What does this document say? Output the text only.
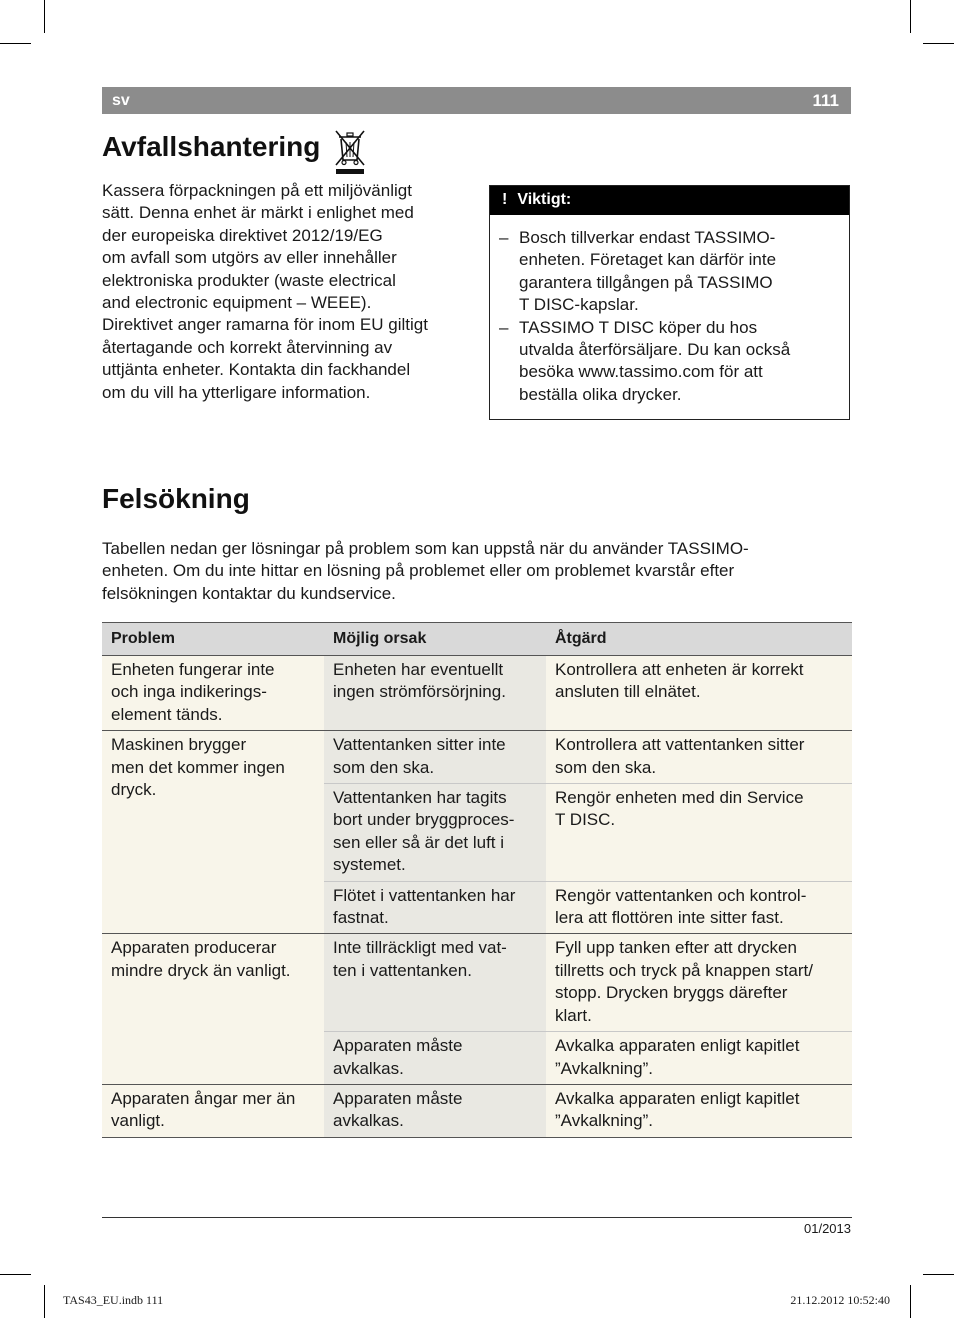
sv	111
Avfallshantering

Kassera förpackningen på ett miljövänligt
sätt. Denna enhet är märkt i enlighet med
der europeiska direktivet 2012/19/EG
om avfall som utgörs av eller innehåller
elektroniska produkter (waste electrical
and electronic equipment – WEEE).
Direktivet anger ramarna för inom EU giltigt
återtagande och korrekt återvinning av
uttjänta enheter. Kontakta din fackhandel
om du vill ha ytterligare information.

! Viktigt:
– Bosch tillverkar endast TASSIMO-
enheten. Företaget kan därför inte
garantera tillgången på TASSIMO
T DISC-kapslar.
– TASSIMO T DISC köper du hos
utvalda återförsäljare. Du kan också
besöka www.tassimo.com för att
beställa olika drycker.
Felsökning

Tabellen nedan ger lösningar på problem som kan uppstå när du använder TASSIMO-
enheten. Om du inte hittar en lösning på problemet eller om problemet kvarstår efter
felsökningen kontaktar du kundservice.

Problem	Möjlig orsak	Åtgärd
Enheten fungerar inte
och inga indikerings-
element tänds.	Enheten har eventuellt
ingen strömförsörjning.	Kontrollera att enheten är korrekt
ansluten till elnätet.
Maskinen brygger
men det kommer ingen
dryck.	Vattentanken sitter inte
som den ska.	Kontrollera att vattentanken sitter
som den ska.
	Vattentanken har tagits
bort under bryggproces-
sen eller så är det luft i
systemet.	Rengör enheten med din Service
T DISC.
	Flötet i vattentanken har
fastnat.	Rengör vattentanken och kontrol-
lera att flottören inte sitter fast.
Apparaten producerar
mindre dryck än vanligt.	Inte tillräckligt med vat-
ten i vattentanken.	Fyll upp tanken efter att drycken
tillretts och tryck på knappen start/
stopp. Drycken bryggs därefter
klart.
	Apparaten måste
avkalkas.	Avkalka apparaten enligt kapitlet
”Avkalkning”.
Apparaten ångar mer än
vanligt.	Apparaten måste
avkalkas.	Avkalka apparaten enligt kapitlet
”Avkalkning”.
01/2013
TAS43_EU.indb 111	21.12.2012 10:52:40
